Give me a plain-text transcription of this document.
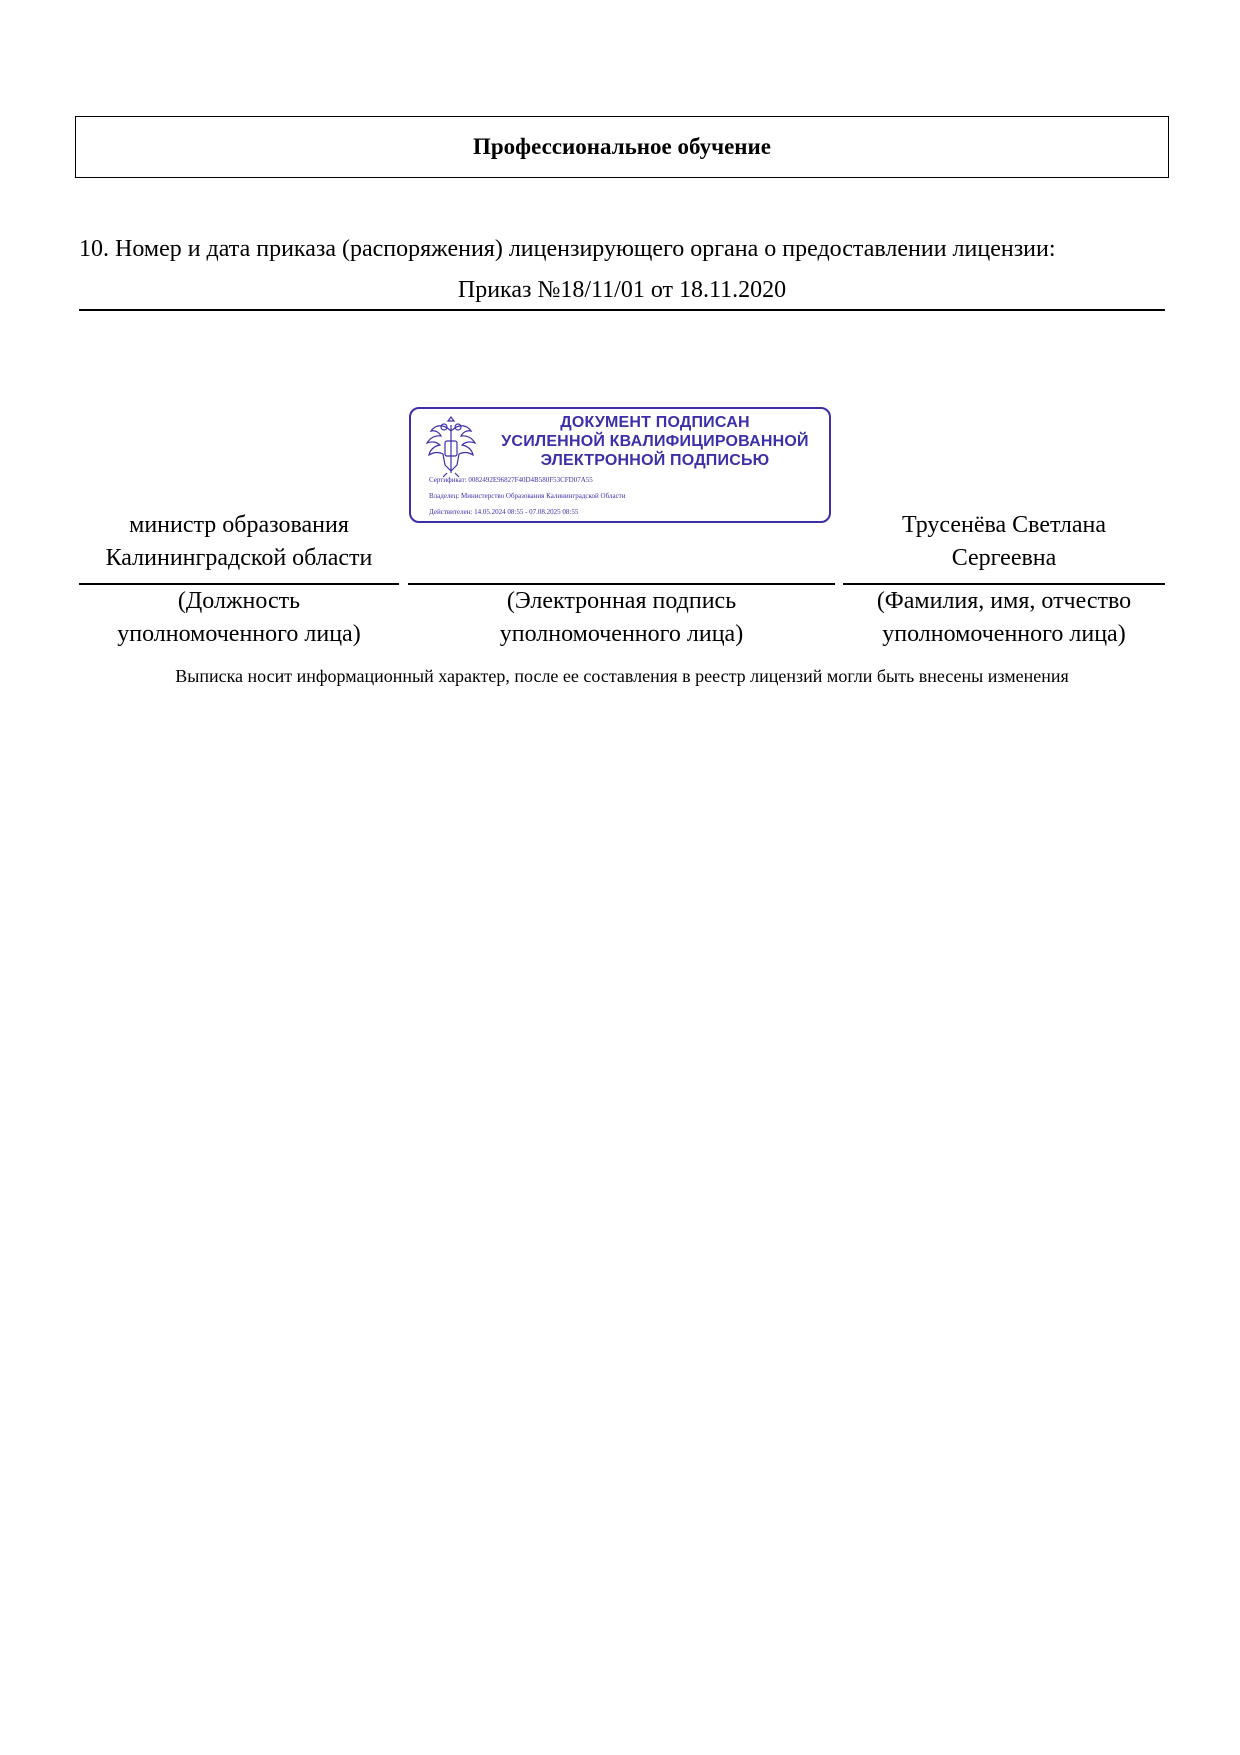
Профессиональное обучение
10. Номер и дата приказа (распоряжения) лицензирующего органа о предоставлении лицензии:
Приказ №18/11/01 от 18.11.2020
ДОКУМЕНТ ПОДПИСАН
УСИЛЕННОЙ КВАЛИФИЦИРОВАННОЙ
ЭЛЕКТРОННОЙ ПОДПИСЬЮ
Сертификат: 0082492E96827F40D4B580F53CFD07A55
Владелец: Министерство Образования Калининградской Области
Действителен: 14.05.2024 08:55 - 07.08.2025 08:55
министр образования
Калининградской области
Трусенёва Светлана
Сергеевна
(Должность
уполномоченного лица)
(Электронная подпись
уполномоченного лица)
(Фамилия, имя, отчество
уполномоченного лица)
Выписка носит информационный характер, после ее составления в реестр лицензий могли быть внесены изменения
